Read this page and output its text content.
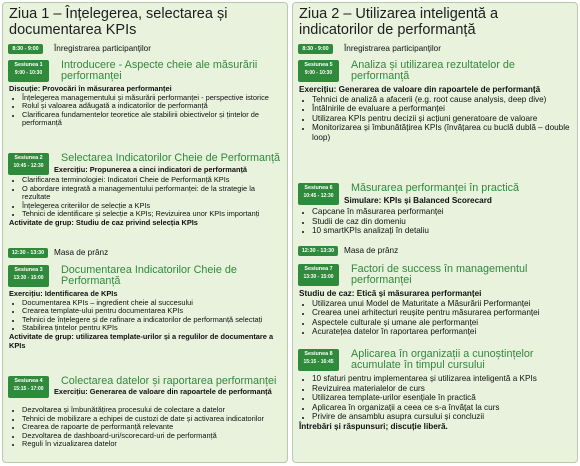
Ziua 1 – Înțelegerea, selectarea și
documentarea KPIs
8:30 - 9:00	Înregistrarea participanților
Sesiunea 1
9:00 - 10:30
Introducere - Aspecte cheie ale măsurării
performanței
Discuție: Provocări în măsurarea performanței
• Înțelegerea managementului și măsurării performanței - perspective istorice
• Rolul și valoarea adăugată a indicatorilor de performanță
• Clarificarea fundamentelor teoretice ale stabilirii obiectivelor și țintelor de performanță
Sesiunea 2
10:45 - 12:30
Selectarea Indicatorilor Cheie de Performanță
Exercițiu: Propunerea a cinci indicatori de performanță
• Clarificarea terminologiei: Indicatori Cheie de Performanță KPIs
• O abordare integrată a managementului performanței: de la strategie la rezultate
• Înțelegerea criteriilor de selecție a KPIs
• Tehnici de identificare și selecție a KPIs; Revizuirea unor KPIs importanți
Activitate de grup: Studiu de caz privind selecția KPIs
12:30 - 13:30	Masa de prânz
Sesiunea 3
13:30 - 15:00
Documentarea Indicatorilor Cheie de
Performanță
Exercițiu: Identificarea de KPIs
• Documentarea KPIs – ingredient cheie al succesului
• Crearea template-ului pentru documentarea KPIs
• Tehnici de înțelegere și de rafinare a indicatorilor de performanță selectați
• Stabilirea țintelor pentru KPIs
Activitate de grup: utilizarea template-urilor și a regulilor de documentare a KPIs
Sesiunea 4
15:15 - 17:00
Colectarea datelor și raportarea performanței
Exercițiu: Generarea de valoare din rapoartele de performanță
• Dezvoltarea și îmbunătățirea procesului de colectare a datelor
• Tehnici de mobilizare a echipei de custozi de date și activarea indicatorilor
• Crearea de rapoarte de performanță relevante
• Dezvoltarea de dashboard-uri/scorecard-uri de performanță
• Reguli în vizualizarea datelor
Ziua 2 – Utilizarea inteligentă a
indicatorilor de performanță
8:30 - 9:00	Înregistrarea participanților
Sesiunea 5
9:00 - 10:30
Analiza și utilizarea rezultatelor de
performanță
Exercițiu: Generarea de valoare din rapoartele de performanță
• Tehnici de analiză a afacerii (e.g. root cause analysis, deep dive)
• Întâlnirile de evaluare a performanței
• Utilizarea KPIs pentru decizii și acțiuni generatoare de valoare
• Monitorizarea și îmbunătățirea KPIs (învățarea cu buclă dublă – double loop)
Sesiunea 6
10:45 - 12:30
Măsurarea performanței în practică
Simulare: KPIs și Balanced Scorecard
• Capcane în măsurarea performanței
• Studii de caz din domeniu
• 10 smartKPIs analizați în detaliu
12:30 - 13:30	Masa de prânz
Sesiunea 7
13:30 - 15:00
Factori de success în managementul
performanței
Studiu de caz: Etică și măsurarea performanței
• Utilizarea unui Model de Maturitate a Măsurării Performanței
• Crearea unei arhitecturi reușite pentru măsurarea performanței
• Aspectele culturale și umane ale performanței
• Acuratețea datelor în raportarea performanței
Sesiunea 8
15:15 - 16:45
Aplicarea în organizații a cunoștințelor
acumulate în timpul cursului
• 10 sfaturi pentru implementarea și utilizarea inteligentă a KPIs
• Revizuirea materialelor de curs
• Utilizarea template-urilor esențiale în practică
• Aplicarea în organizații a ceea ce s-a învățat la curs
• Privire de ansamblu asupra cursului și concluzii
Întrebări și răspunsuri; discuție liberă.
